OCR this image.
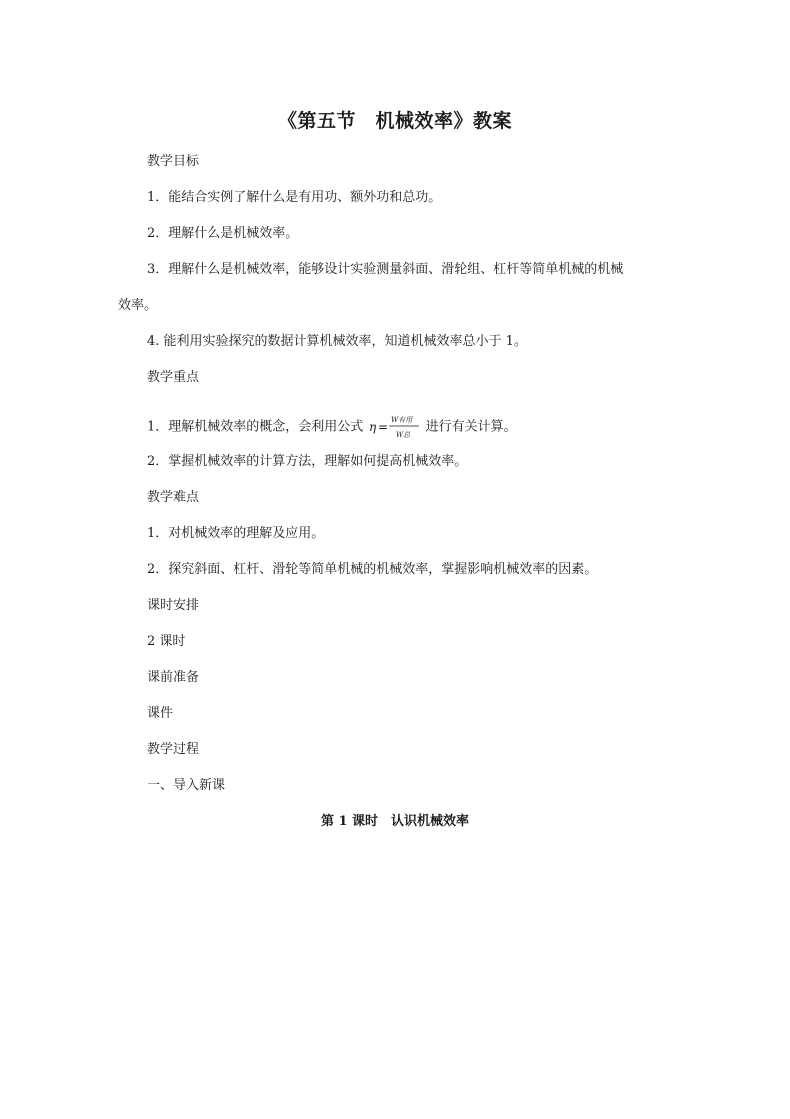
《第五节　机械效率》教案
教学目标
1．能结合实例了解什么是有用功、额外功和总功。
2．理解什么是机械效率。
3．理解什么是机械效率，能够设计实验测量斜面、滑轮组、杠杆等简单机械的机械
效率。
4. 能利用实验探究的数据计算机械效率，知道机械效率总小于 1。
教学重点
1．理解机械效率的概念，会利用公式 η = W有用
W总
进行有关计算。
2．掌握机械效率的计算方法，理解如何提高机械效率。
教学难点
1．对机械效率的理解及应用。
2．探究斜面、杠杆、滑轮等简单机械的机械效率，掌握影响机械效率的因素。
课时安排
2 课时
课前准备
课件
教学过程
一、导入新课
第 1 课时　认识机械效率
